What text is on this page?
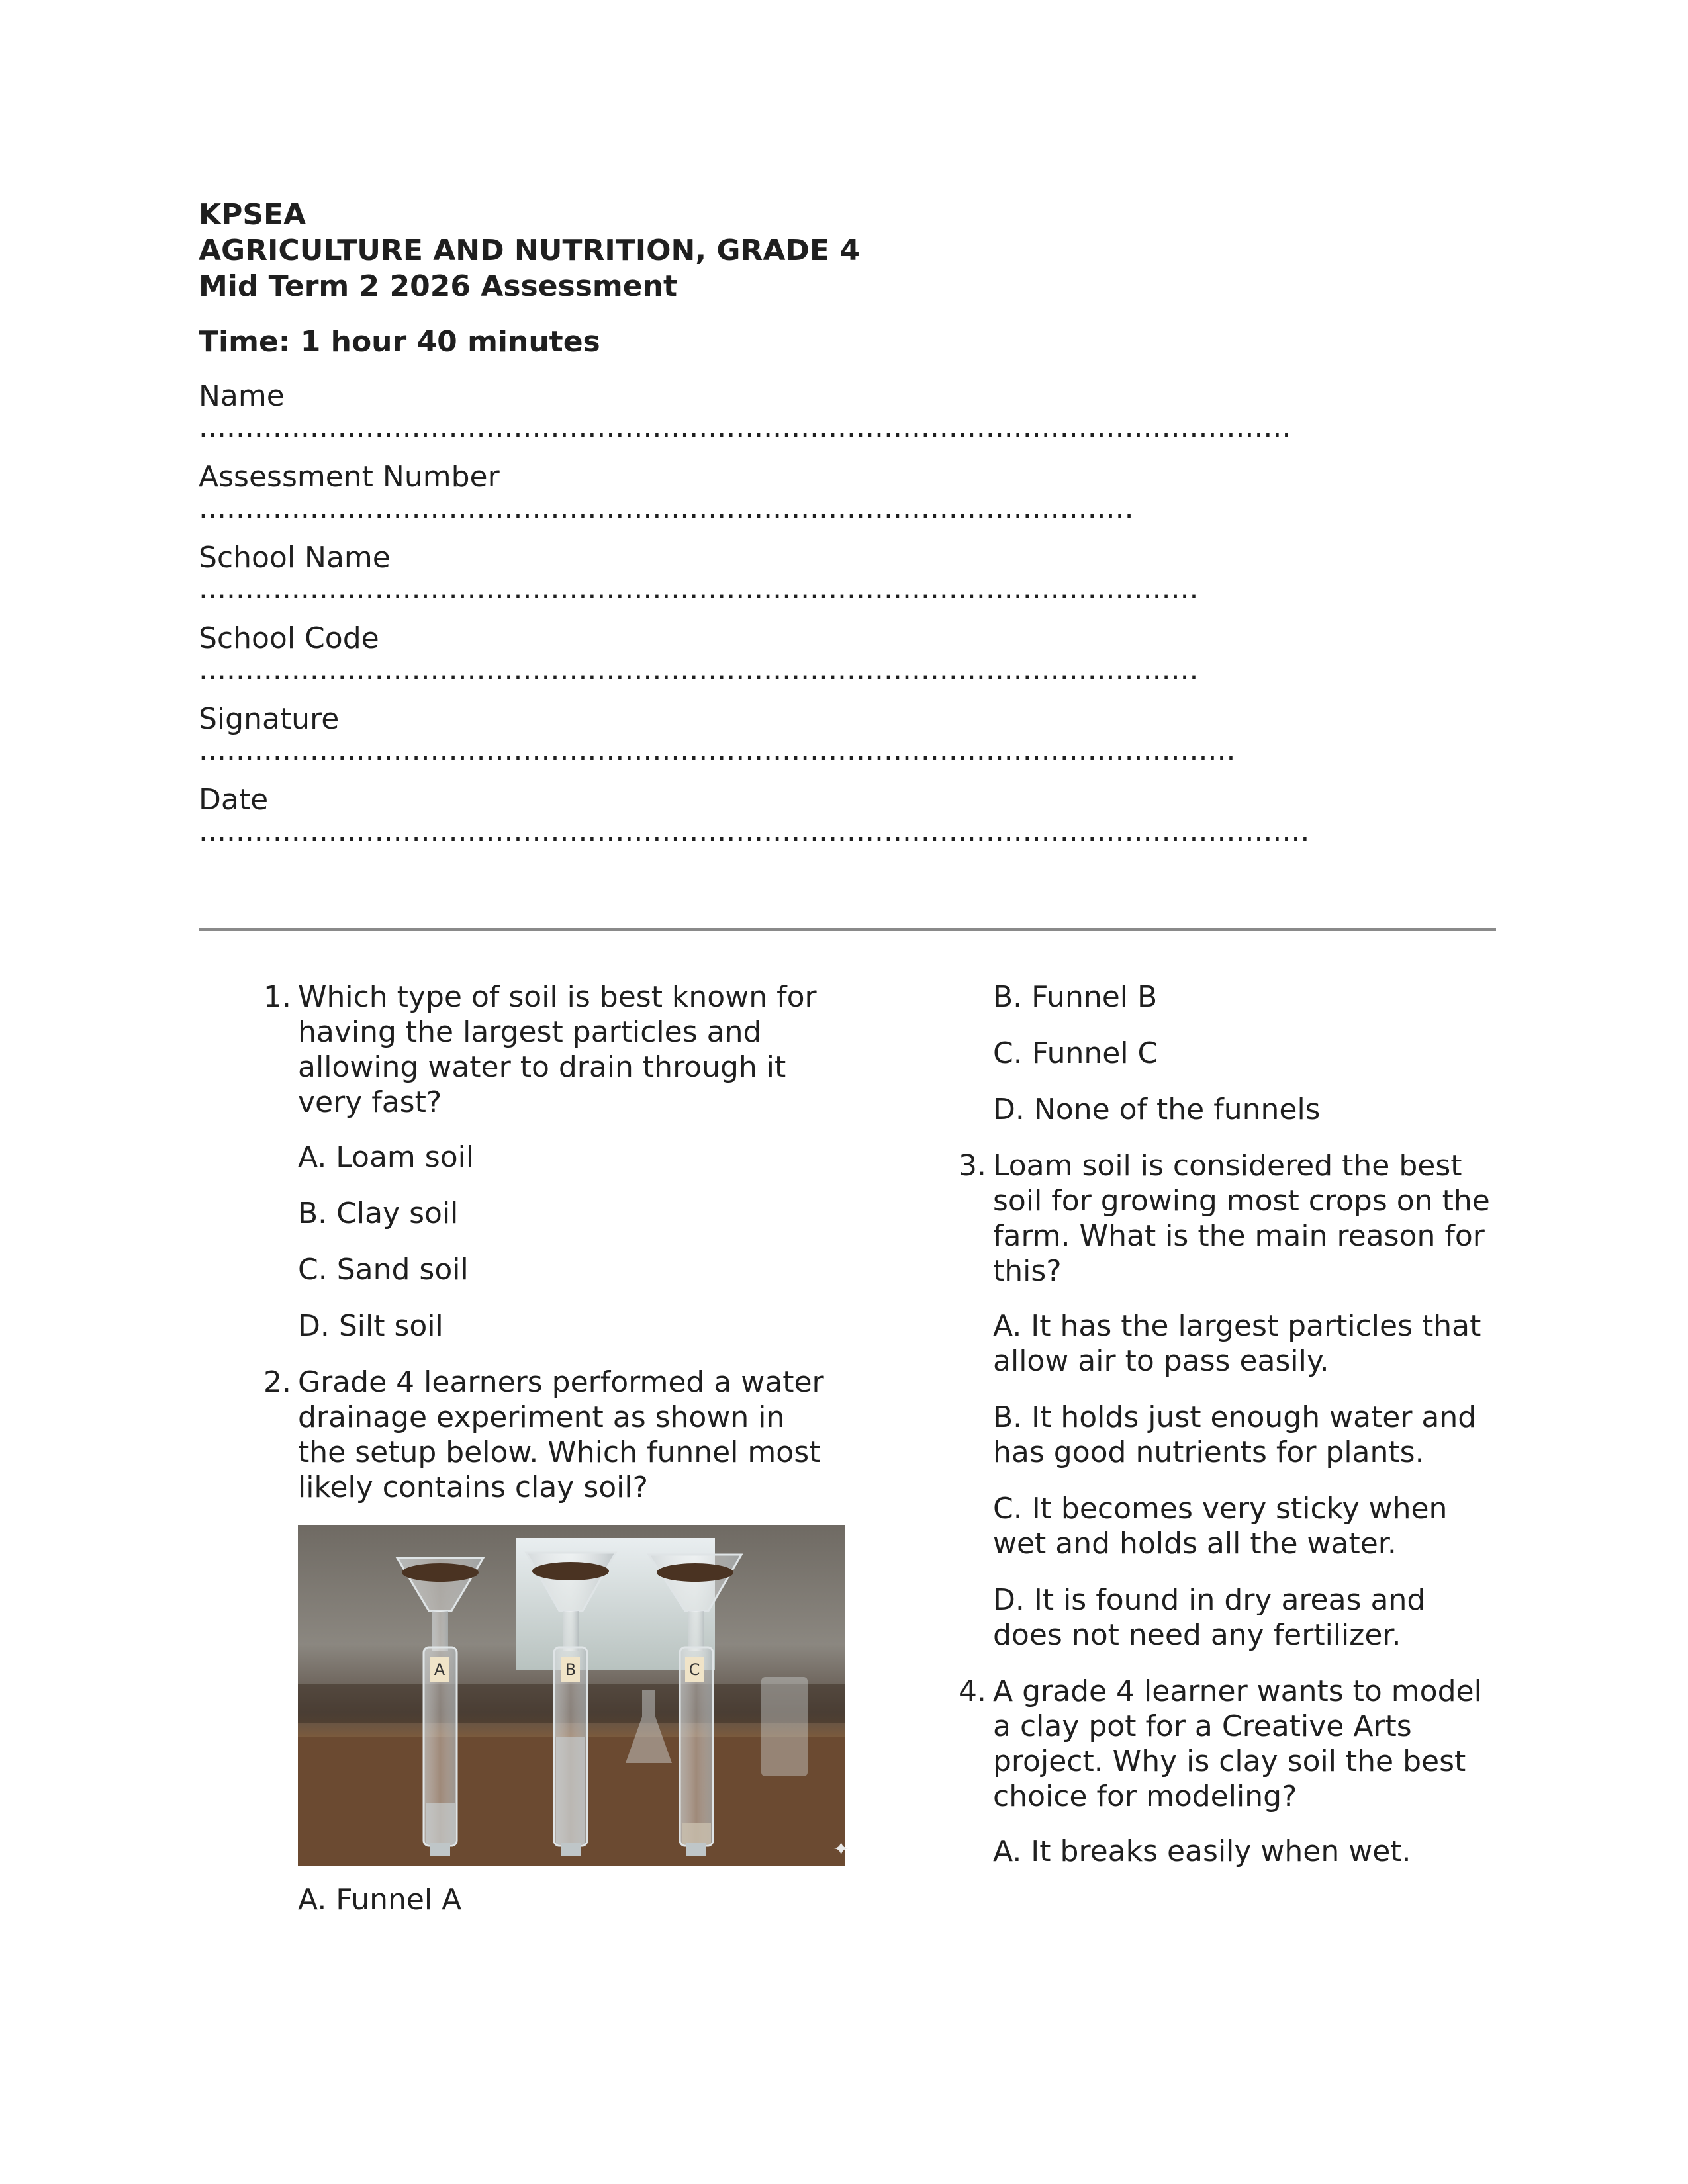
KPSEA
AGRICULTURE AND NUTRITION, GRADE 4
Mid Term 2 2026 Assessment
Time: 1 hour 40 minutes
Name
......................................................................................................................
Assessment Number
.....................................................................................................
School Name
............................................................................................................
School Code
............................................................................................................
Signature
................................................................................................................
Date
........................................................................................................................
1. Which type of soil is best known for having the largest particles and allowing water to drain through it very fast?
A. Loam soil
B. Clay soil
C. Sand soil
D. Silt soil
2. Grade 4 learners performed a water drainage experiment as shown in the setup below. Which funnel most likely contains clay soil?
A	B	C
✦
A. Funnel A
B. Funnel B
C. Funnel C
D. None of the funnels
3. Loam soil is considered the best soil for growing most crops on the farm. What is the main reason for this?
A. It has the largest particles that allow air to pass easily.
B. It holds just enough water and has good nutrients for plants.
C. It becomes very sticky when wet and holds all the water.
D. It is found in dry areas and does not need any fertilizer.
4. A grade 4 learner wants to model a clay pot for a Creative Arts project. Why is clay soil the best choice for modeling?
A. It breaks easily when wet.
